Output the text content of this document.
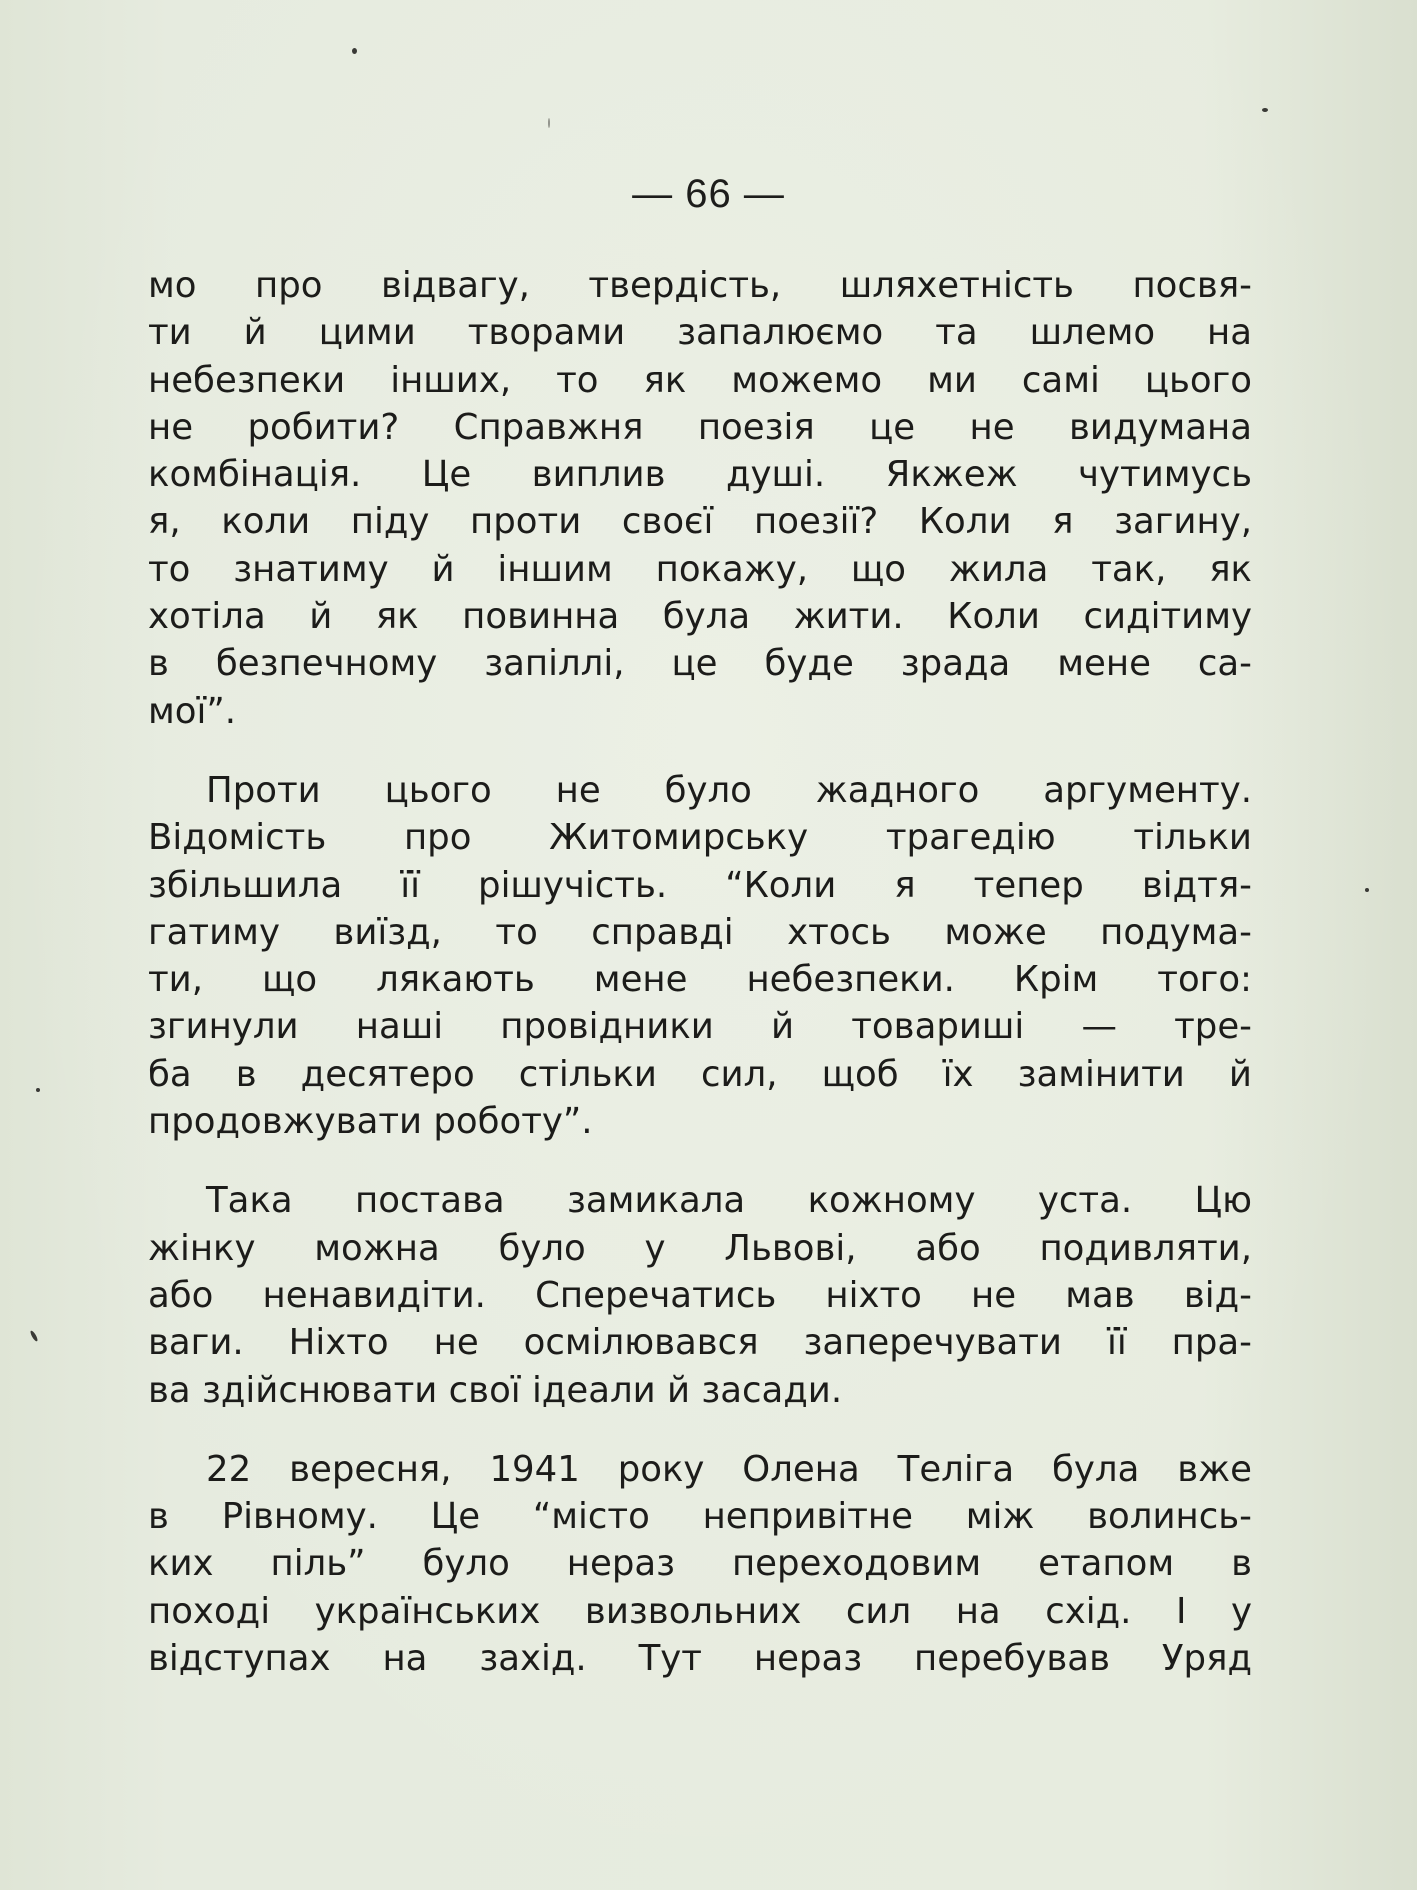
— 66 —
мо про відвагу, твердість, шляхетність посвя-
ти й цими творами запалюємо та шлемо на
небезпеки інших, то як можемо ми самі цього
не робити? Справжня поезія це не видумана
комбінація. Це виплив душі. Якжеж чутимусь
я, коли піду проти своєї поезії? Коли я загину,
то знатиму й іншим покажу, що жила так, як
хотіла й як повинна була жити. Коли сидітиму
в безпечному запіллі, це буде зрада мене са-
мої”.
Проти цього не було жадного аргументу.
Відомість про Житомирську трагедію тільки
збільшила її рішучість. “Коли я тепер відтя-
гатиму виїзд, то справді хтось може подума-
ти, що лякають мене небезпеки. Крім того:
згинули наші провідники й товариші — тре-
ба в десятеро стільки сил, щоб їх замінити й
продовжувати роботу”.
Така постава замикала кожному уста. Цю
жінку можна було у Львові, або подивляти,
або ненавидіти. Сперечатись ніхто не мав від-
ваги. Ніхто не осмілювався заперечувати її пра-
ва здійснювати свої ідеали й засади.
22 вересня, 1941 року Олена Теліга була вже
в Рівному. Це “місто непривітне між волинсь-
ких піль” було нераз переходовим етапом в
поході українських визвольних сил на схід. І у
відступах на захід. Тут нераз перебував Уряд
